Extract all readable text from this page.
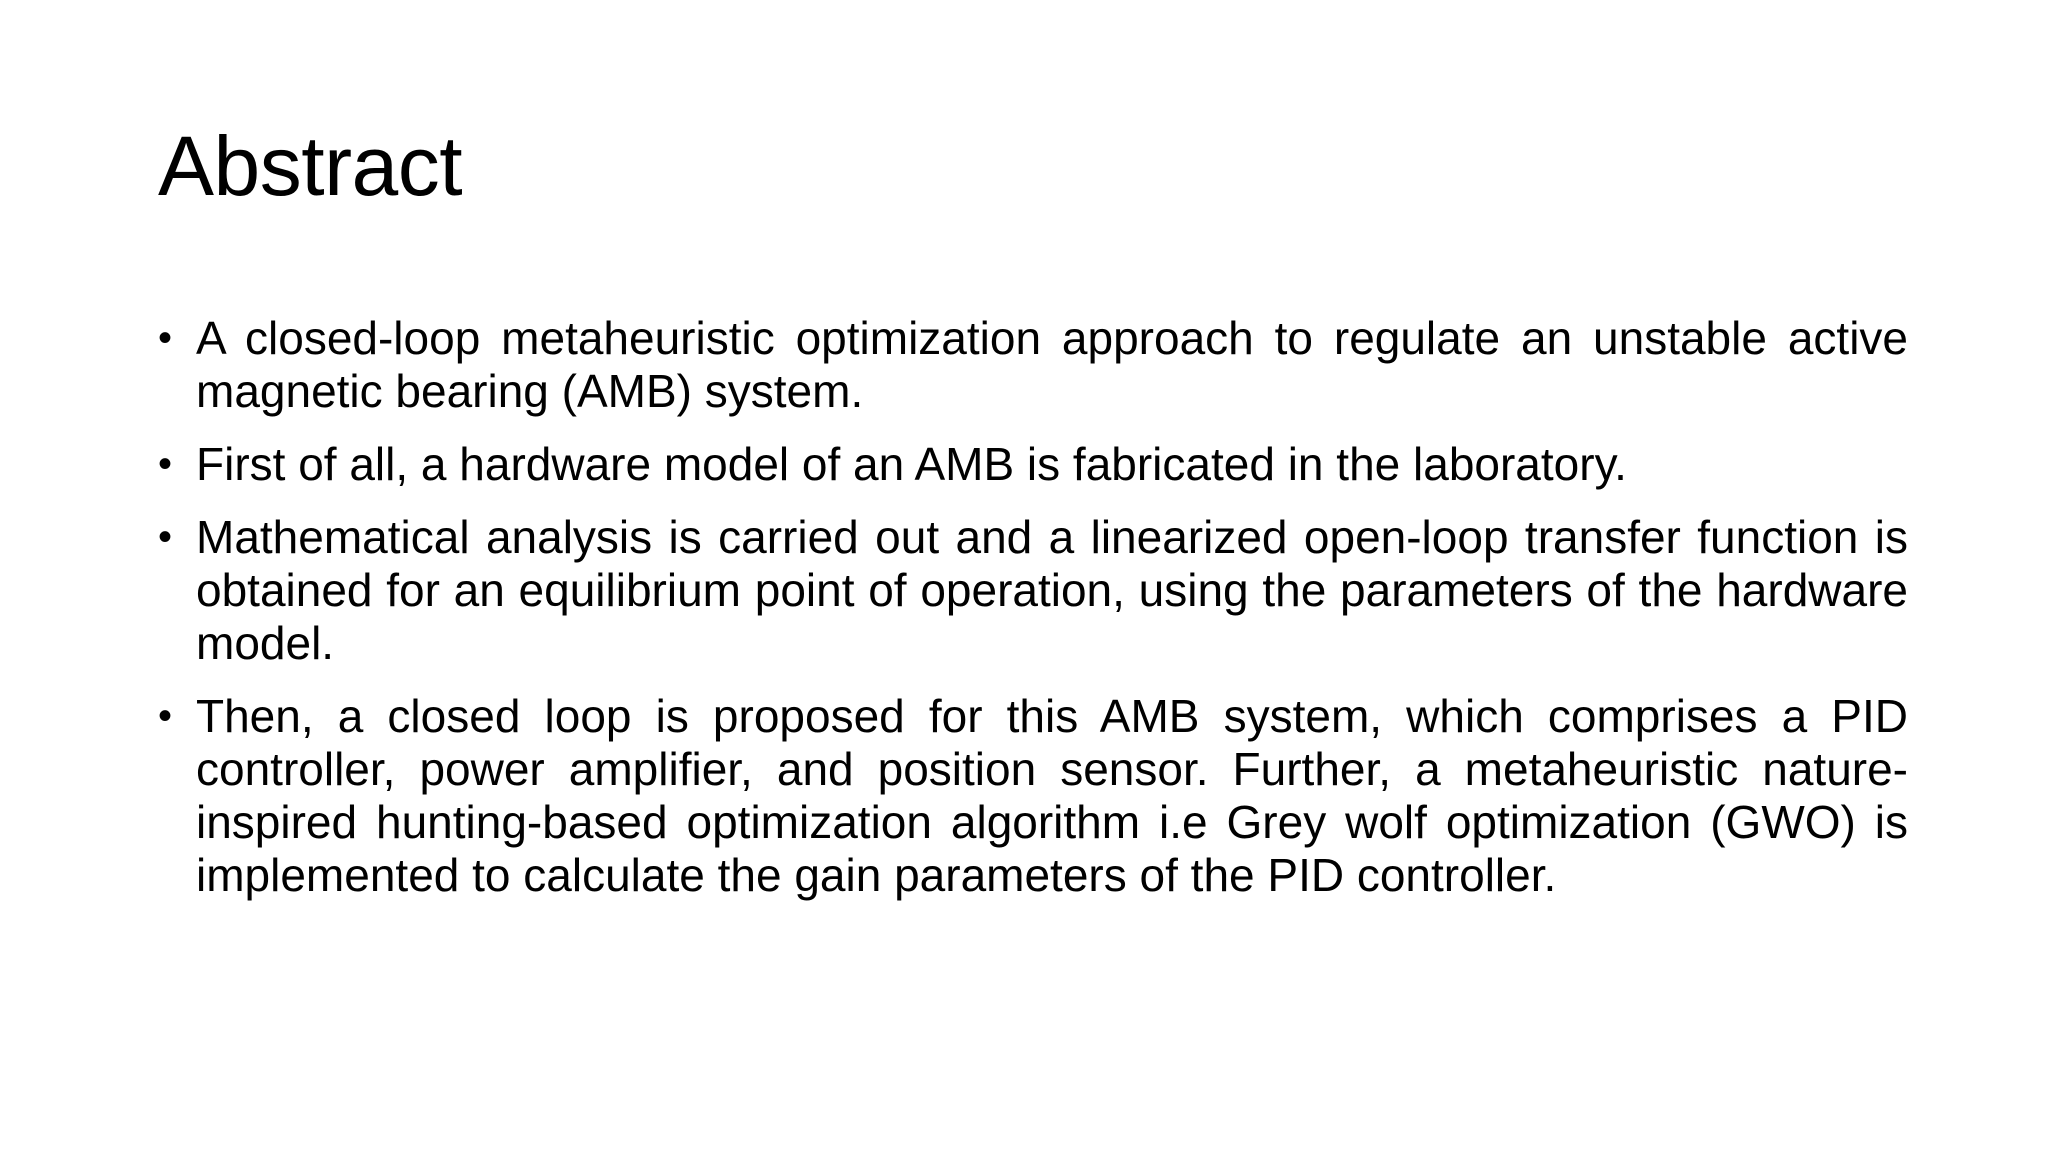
Abstract
• A closed-loop metaheuristic optimization approach to regulate an unstable active magnetic bearing (AMB) system.
• First of all, a hardware model of an AMB is fabricated in the laboratory.
• Mathematical analysis is carried out and a linearized open-loop transfer function is obtained for an equilibrium point of operation, using the parameters of the hardware model.
• Then, a closed loop is proposed for this AMB system, which comprises a PID controller, power amplifier, and position sensor. Further, a metaheuristic nature-inspired hunting-based optimization algorithm i.e Grey wolf optimization (GWO) is implemented to calculate the gain parameters of the PID controller.
